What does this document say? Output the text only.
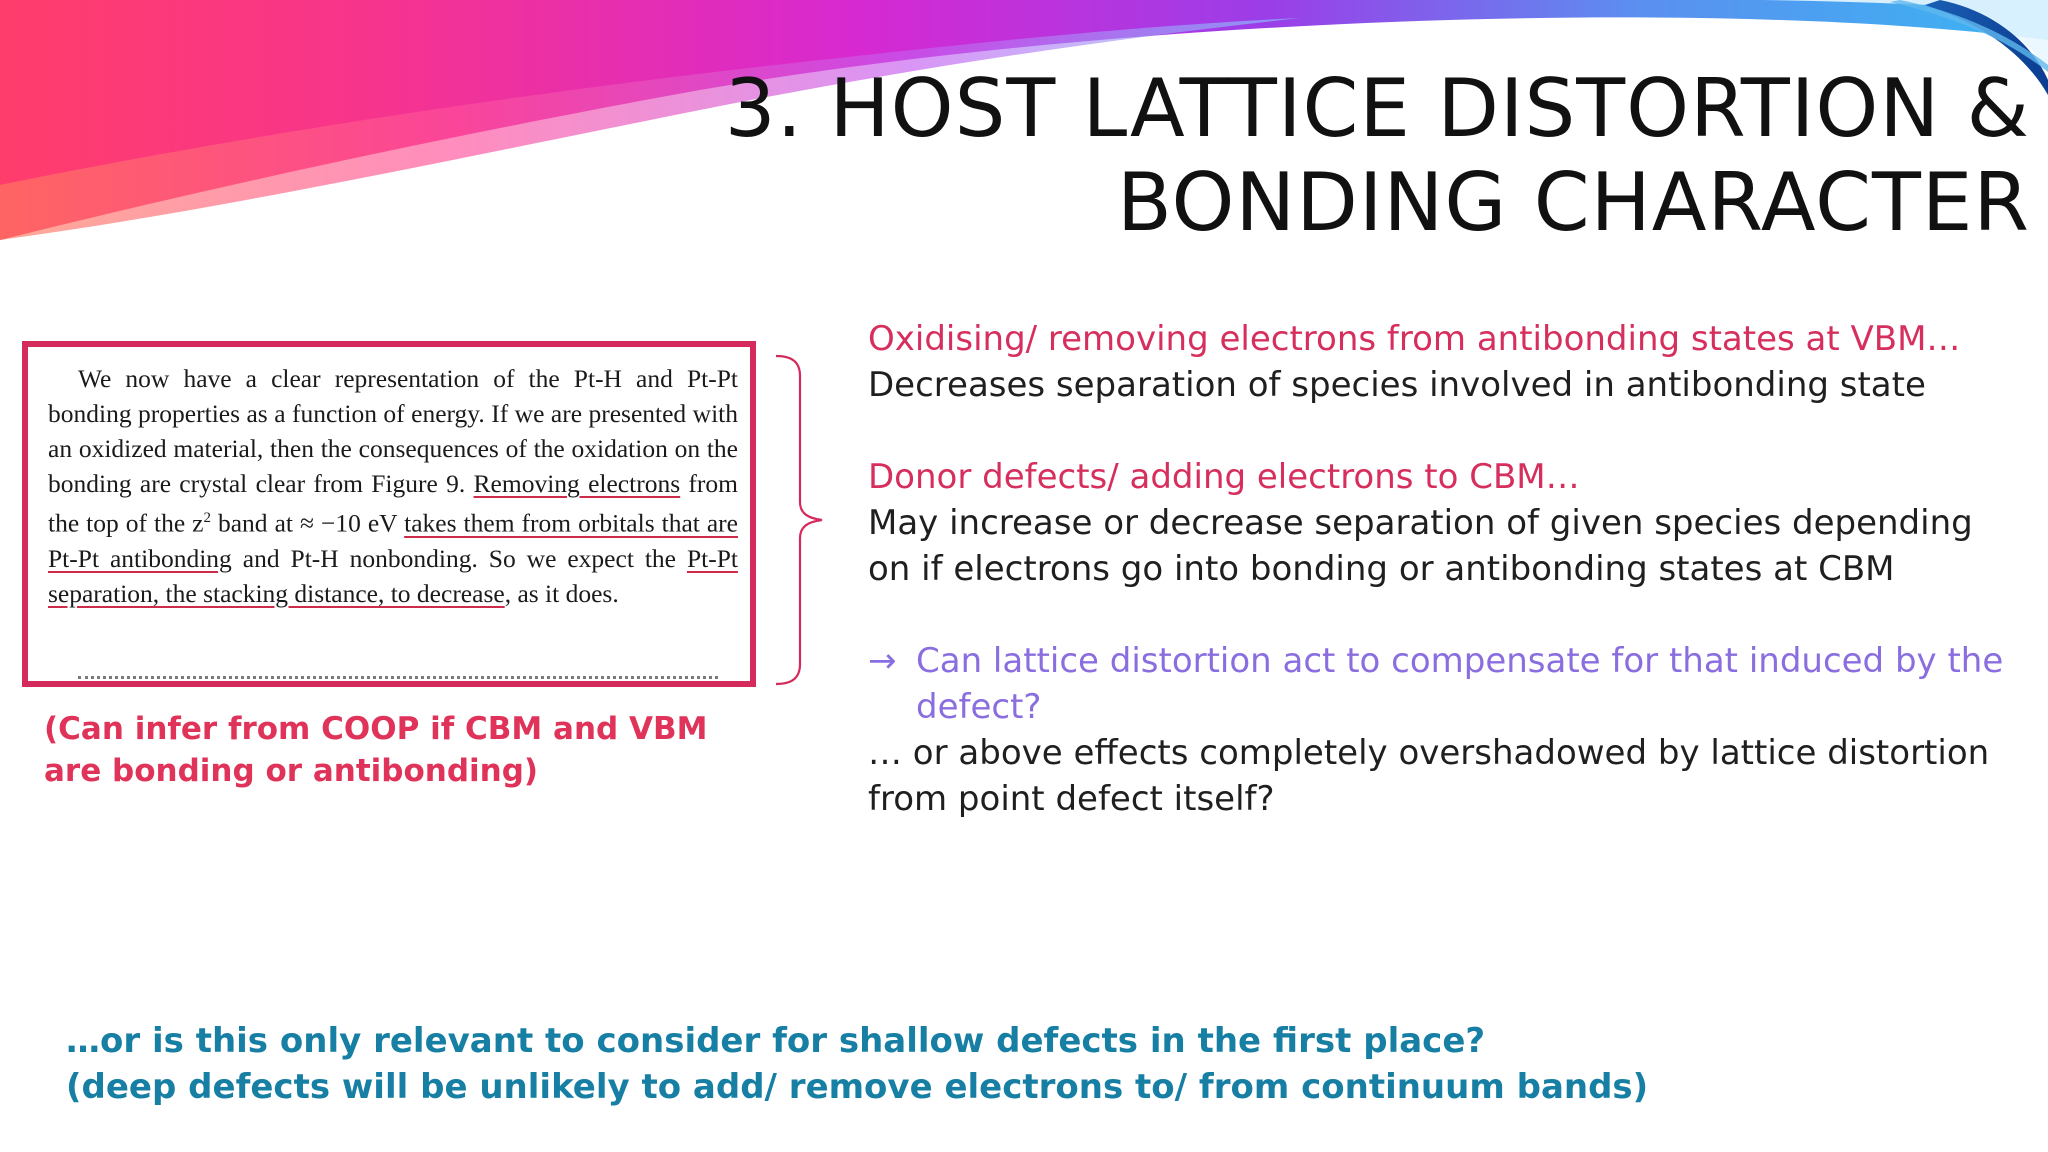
3. HOST LATTICE DISTORTION &
BONDING CHARACTER

We now have a clear representation of the Pt-H and Pt-Pt bonding properties as a function of energy. If we are presented with an oxidized material, then the consequences of the oxidation on the bonding are crystal clear from Figure 9. Removing electrons from the top of the $z^2$ band at ≈ −10 eV takes them from orbitals that are Pt-Pt antibonding and Pt-H nonbonding. So we expect the Pt-Pt separation, the stacking distance, to decrease, as it does.

(Can infer from COOP if CBM and VBM
are bonding or antibonding)
Oxidising/ removing electrons from antibonding states at VBM…
Decreases separation of species involved in antibonding state
Donor defects/ adding electrons to CBM…
May increase or decrease separation of given species depending on if electrons go into bonding or antibonding states at CBM
→ Can lattice distortion act to compensate for that induced by the defect?
… or above effects completely overshadowed by lattice distortion from point defect itself?
…or is this only relevant to consider for shallow defects in the first place?
(deep defects will be unlikely to add/ remove electrons to/ from continuum bands)
